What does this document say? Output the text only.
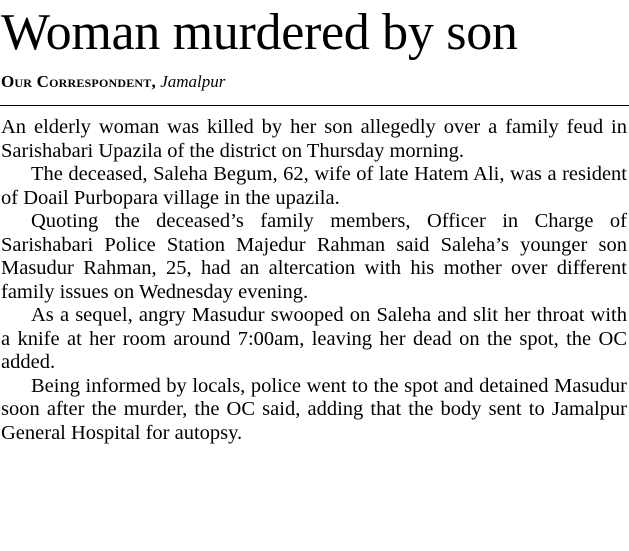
Woman murdered by son
Our Correspondent, Jamalpur

An elderly woman was killed by her son allegedly over a family feud in Sarishabari Upazila of the district on Thursday morning.

The deceased, Saleha Begum, 62, wife of late Hatem Ali, was a resident of Doail Purbopara village in the upazila.

Quoting the deceased’s family members, Officer in Charge of Sarishabari Police Station Majedur Rahman said Saleha’s younger son Masudur Rahman, 25, had an altercation with his mother over different family issues on Wednesday evening.

As a sequel, angry Masudur swooped on Saleha and slit her throat with a knife at her room around 7:00am, leaving her dead on the spot, the OC added.

Being informed by locals, police went to the spot and detained Masudur soon after the murder, the OC said, adding that the body sent to Jamalpur General Hospital for autopsy.
